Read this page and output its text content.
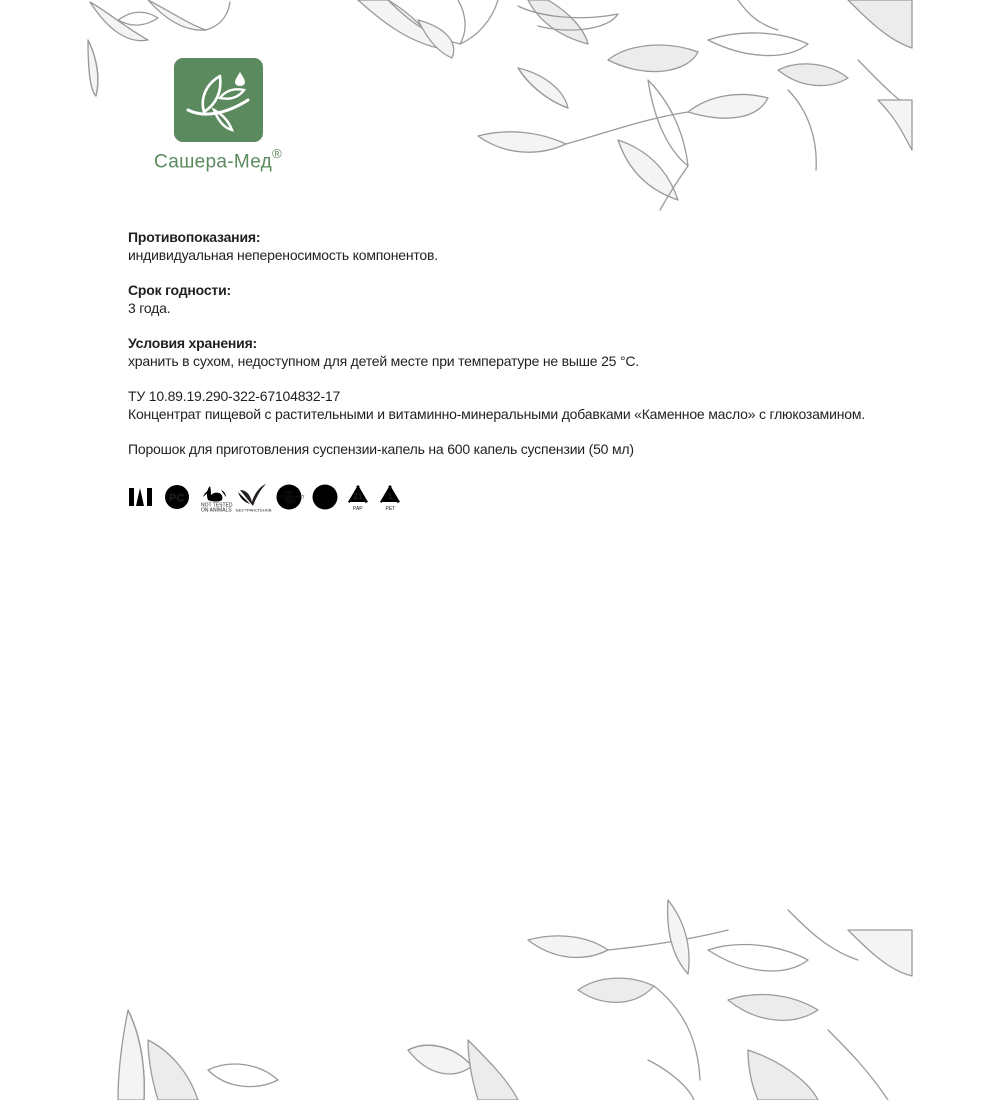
Сашера-Мед®
Противопоказания:
индивидуальная непереносимость компонентов.
Срок годности:
3 года.
Условия хранения:
хранить в сухом, недоступном для детей месте при температуре не выше 25 °C.
ТУ 10.89.19.290-322-67104832-17
Концентрат пищевой с растительными и витаминно-минеральными добавками «Каменное масло» с глюкозамином.
Порошок для приготовления суспензии-капель на 600 капель суспензии (50 мл)
PC
NOT TESTED
ON ANIMALS БЕЗ ТРАНСГЕНОВ
НЕ
СОДЕРЖИТ
ГМО
21
PAP
1
PET
